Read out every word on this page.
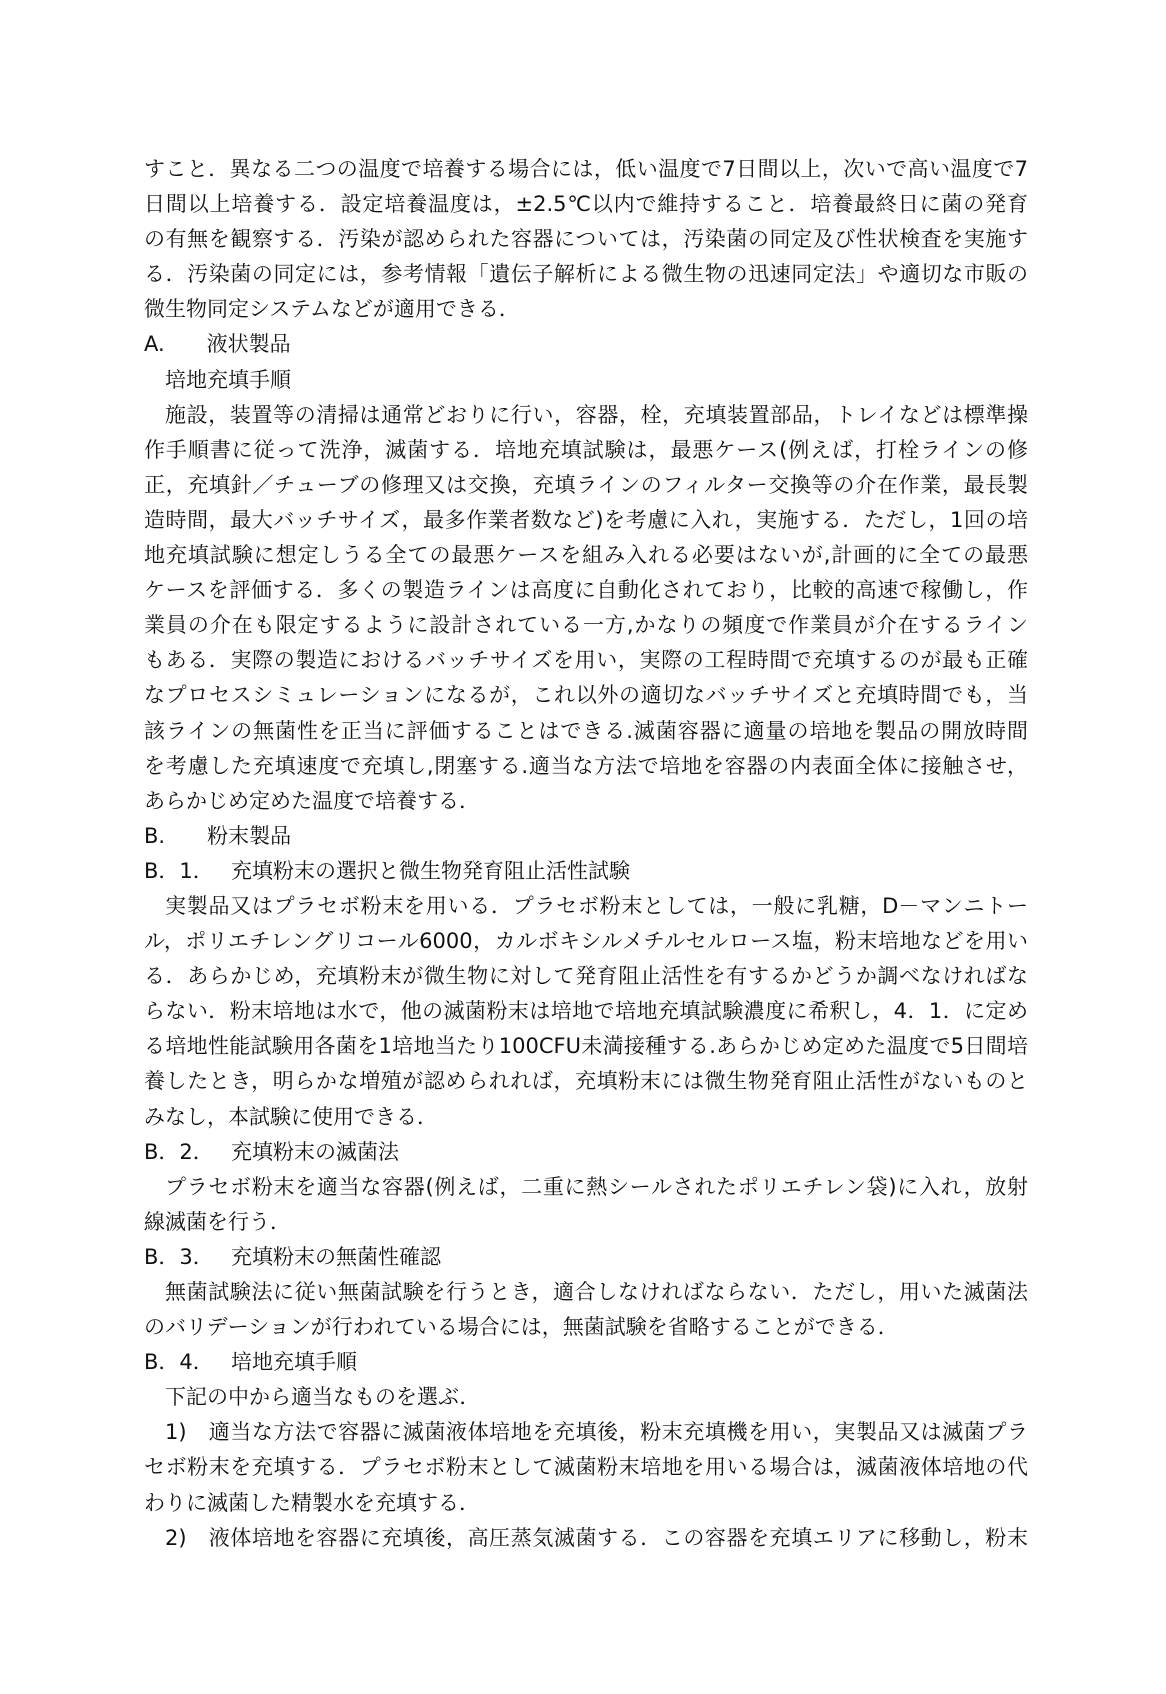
すこと．異なる二つの温度で培養する場合には，低い温度で7日間以上，次いで高い温度で7
日間以上培養する．設定培養温度は，±2.5℃以内で維持すること．培養最終日に菌の発育
の有無を観察する．汚染が認められた容器については，汚染菌の同定及び性状検査を実施す
る．汚染菌の同定には，参考情報「遺伝子解析による微生物の迅速同定法」や適切な市販の
微生物同定システムなどが適用できる．
A.　　液状製品
培地充填手順
施設，装置等の清掃は通常どおりに行い，容器，栓，充填装置部品，トレイなどは標準操
作手順書に従って洗浄，滅菌する．培地充填試験は，最悪ケース(例えば，打栓ラインの修
正，充填針／チューブの修理又は交換，充填ラインのフィルター交換等の介在作業，最長製
造時間，最大バッチサイズ，最多作業者数など)を考慮に入れ，実施する．ただし，1回の培
地充填試験に想定しうる全ての最悪ケースを組み入れる必要はないが,計画的に全ての最悪
ケースを評価する．多くの製造ラインは高度に自動化されており，比較的高速で稼働し，作
業員の介在も限定するように設計されている一方,かなりの頻度で作業員が介在するライン
もある．実際の製造におけるバッチサイズを用い，実際の工程時間で充填するのが最も正確
なプロセスシミュレーションになるが，これ以外の適切なバッチサイズと充填時間でも，当
該ラインの無菌性を正当に評価することはできる.滅菌容器に適量の培地を製品の開放時間
を考慮した充填速度で充填し,閉塞する.適当な方法で培地を容器の内表面全体に接触させ，
あらかじめ定めた温度で培養する．
B.　　粉末製品
B．1．　 充填粉末の選択と微生物発育阻止活性試験
実製品又はプラセボ粉末を用いる．プラセボ粉末としては，一般に乳糖，D－マンニトー
ル，ポリエチレングリコール6000，カルボキシルメチルセルロース塩，粉末培地などを用い
る．あらかじめ，充填粉末が微生物に対して発育阻止活性を有するかどうか調べなければな
らない．粉末培地は水で，他の滅菌粉末は培地で培地充填試験濃度に希釈し，4．1．に定め
る培地性能試験用各菌を1培地当たり100CFU未満接種する.あらかじめ定めた温度で5日間培
養したとき，明らかな増殖が認められれば，充填粉末には微生物発育阻止活性がないものと
みなし，本試験に使用できる．
B．2．　 充填粉末の滅菌法
プラセボ粉末を適当な容器(例えば，二重に熱シールされたポリエチレン袋)に入れ，放射
線滅菌を行う．
B．3．　 充填粉末の無菌性確認
無菌試験法に従い無菌試験を行うとき，適合しなければならない．ただし，用いた滅菌法
のバリデーションが行われている場合には，無菌試験を省略することができる．
B．4．　 培地充填手順
下記の中から適当なものを選ぶ．
1)　適当な方法で容器に滅菌液体培地を充填後，粉末充填機を用い，実製品又は滅菌プラ
セボ粉末を充填する．プラセボ粉末として滅菌粉末培地を用いる場合は，滅菌液体培地の代
わりに滅菌した精製水を充填する．
2)　液体培地を容器に充填後，高圧蒸気滅菌する．この容器を充填エリアに移動し，粉末
